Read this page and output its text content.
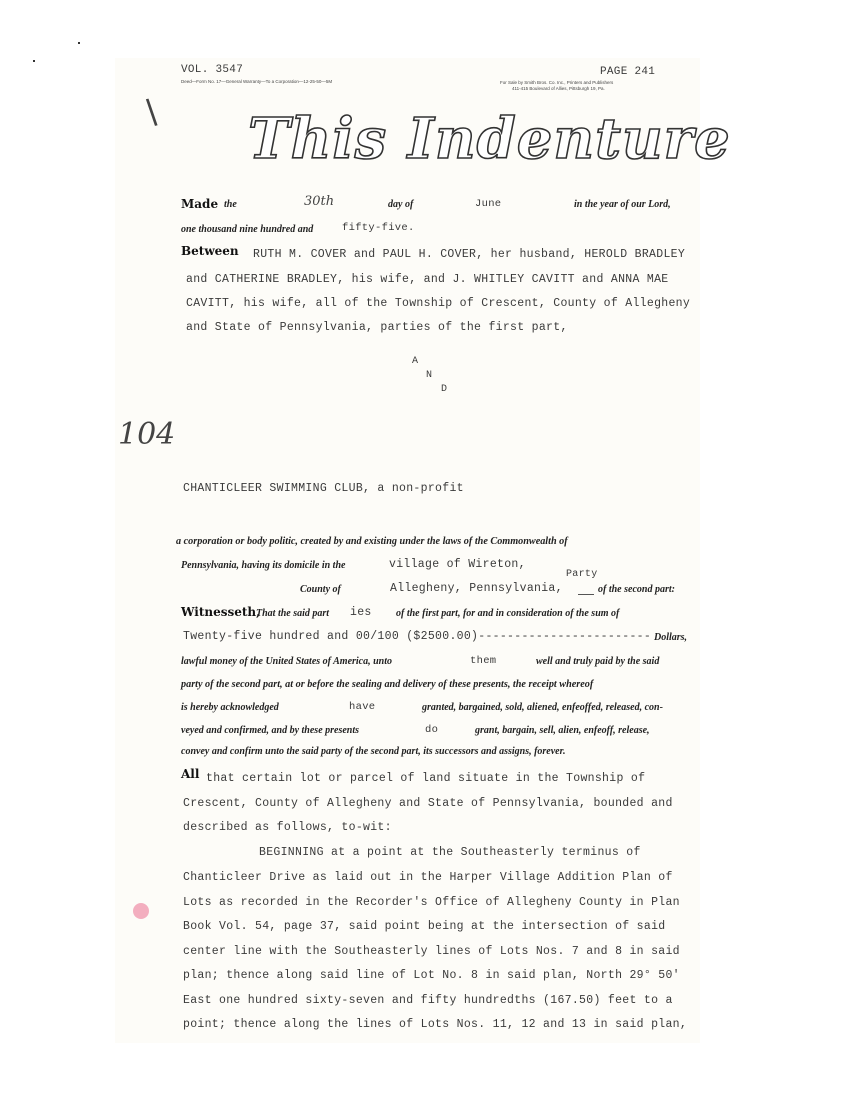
\
104
VOL. 3547
Deed—Form No. 17—General Warranty—To a Corporation—12-25-50—5M
PAGE 241
For Sale by Smith Bros. Co. Inc., Printers and Publishers
411-415 Boulevard of Allies, Pittsburgh 19, Pa.
This Indenture
Made the	30th	day of	June	in the year of our Lord,
one thousand nine hundred and	fifty-five.
Between RUTH M. COVER and PAUL H. COVER, her husband, HEROLD BRADLEY
and CATHERINE BRADLEY, his wife, and J. WHITLEY CAVITT and ANNA MAE
CAVITT, his wife, all of the Township of Crescent, County of Allegheny
and State of Pennsylvania, parties of the first part,
A
N
D
CHANTICLEER SWIMMING CLUB, a non-profit
a corporation or body politic, created by and existing under the laws of the Commonwealth of
Pennsylvania, having its domicile in the	village of Wireton,
Party
County of	Allegheny, Pennsylvania,	of the second part:
Witnesseth,
That the said part ies of the first part, for and in consideration of the sum of
Twenty-five hundred and 00/100 ($2500.00)------------------------ Dollars,
lawful money of the United States of America, unto	them	well and truly paid by the said
party of the second part, at or before the sealing and delivery of these presents, the receipt whereof
is hereby acknowledged	have	granted, bargained, sold, aliened, enfeoffed, released, con-
veyed and confirmed, and by these presents	do	grant, bargain, sell, alien, enfeoff, release,
convey and confirm unto the said party of the second part, its successors and assigns, forever.
All that certain lot or parcel of land situate in the Township of
Crescent, County of Allegheny and State of Pennsylvania, bounded and
described as follows, to-wit:
BEGINNING at a point at the Southeasterly terminus of
Chanticleer Drive as laid out in the Harper Village Addition Plan of
Lots as recorded in the Recorder's Office of Allegheny County in Plan
Book Vol. 54, page 37, said point being at the intersection of said
center line with the Southeasterly lines of Lots Nos. 7 and 8 in said
plan; thence along said line of Lot No. 8 in said plan, North 29° 50'
East one hundred sixty-seven and fifty hundredths (167.50) feet to a
point; thence along the lines of Lots Nos. 11, 12 and 13 in said plan,
